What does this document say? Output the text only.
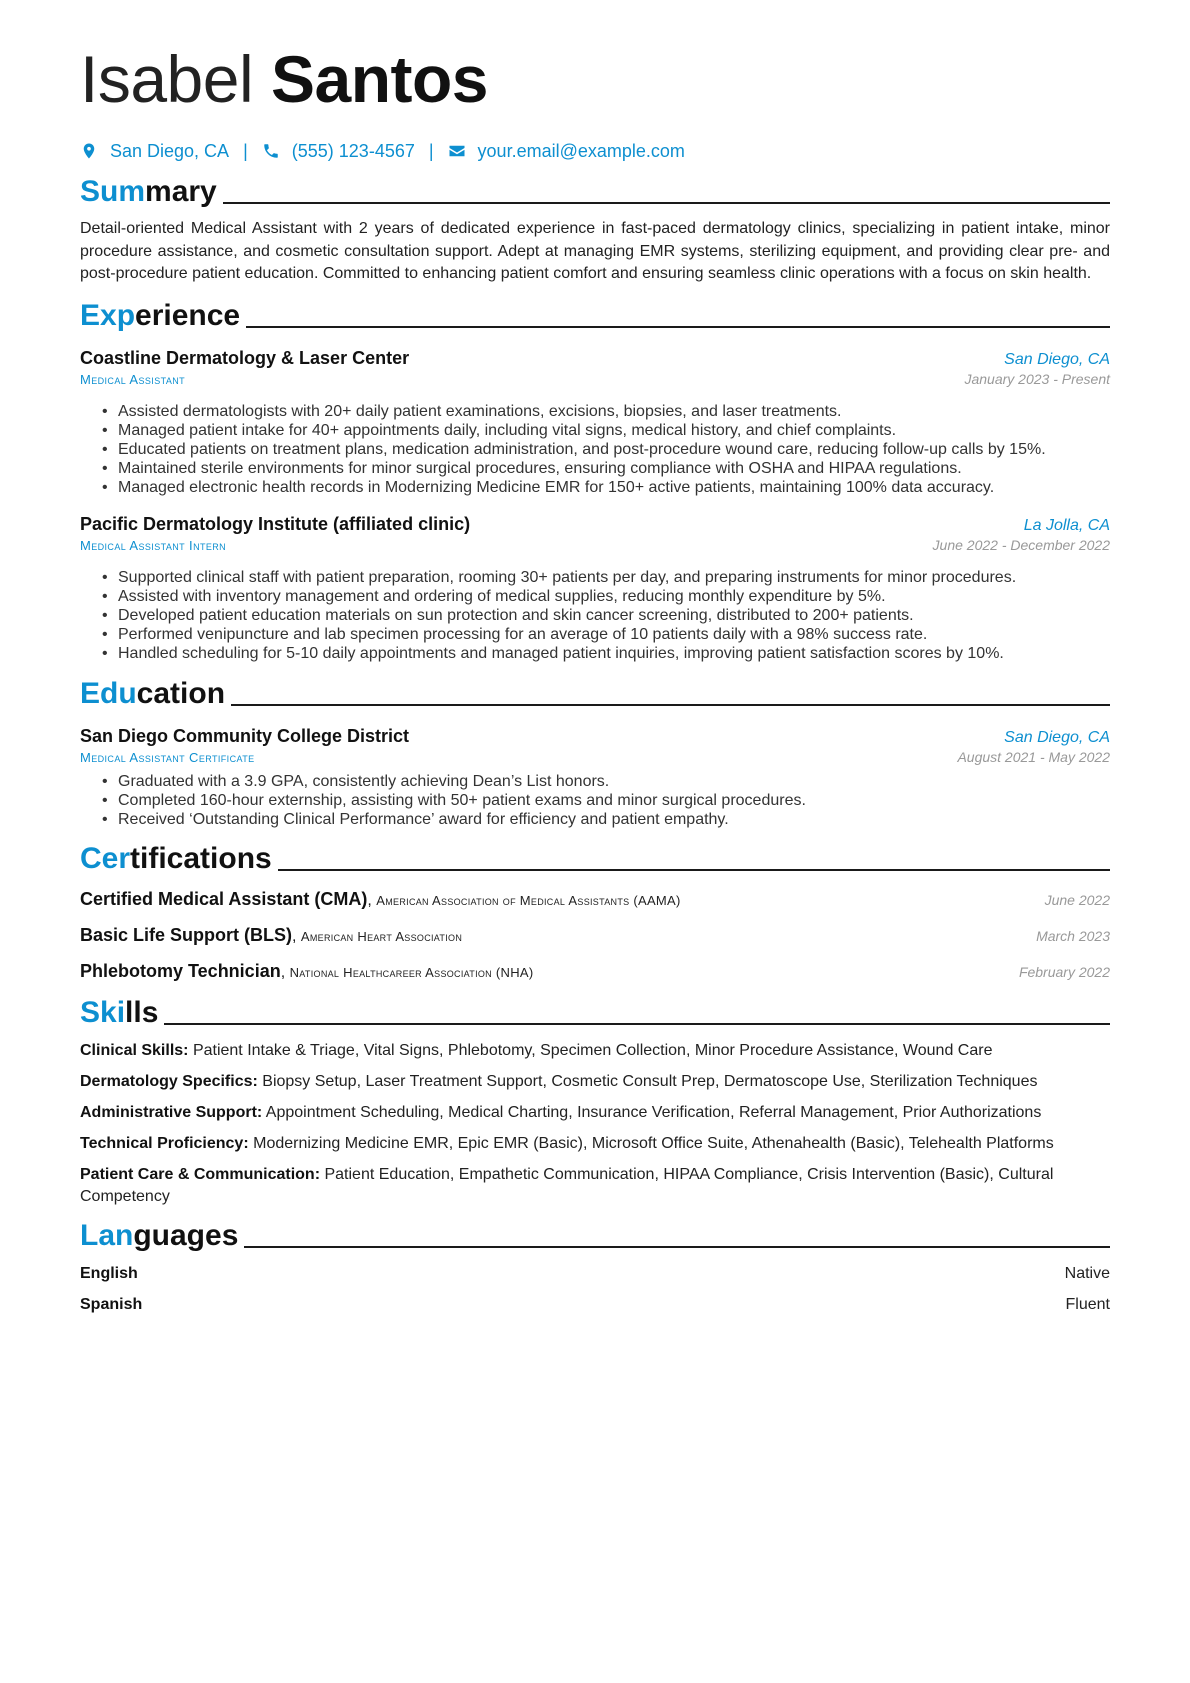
Isabel Santos
San Diego, CA | (555) 123-4567 | your.email@example.com
Summary
Detail-oriented Medical Assistant with 2 years of dedicated experience in fast-paced dermatology clinics, specializing in patient intake, minor procedure assistance, and cosmetic consultation support. Adept at managing EMR systems, sterilizing equipment, and providing clear pre- and post-procedure patient education. Committed to enhancing patient comfort and ensuring seamless clinic operations with a focus on skin health.
Experience
Coastline Dermatology & Laser Center	San Diego, CA
Medical Assistant	January 2023 - Present
• Assisted dermatologists with 20+ daily patient examinations, excisions, biopsies, and laser treatments.
• Managed patient intake for 40+ appointments daily, including vital signs, medical history, and chief complaints.
• Educated patients on treatment plans, medication administration, and post-procedure wound care, reducing follow-up calls by 15%.
• Maintained sterile environments for minor surgical procedures, ensuring compliance with OSHA and HIPAA regulations.
• Managed electronic health records in Modernizing Medicine EMR for 150+ active patients, maintaining 100% data accuracy.
Pacific Dermatology Institute (affiliated clinic)	La Jolla, CA
Medical Assistant Intern	June 2022 - December 2022
• Supported clinical staff with patient preparation, rooming 30+ patients per day, and preparing instruments for minor procedures.
• Assisted with inventory management and ordering of medical supplies, reducing monthly expenditure by 5%.
• Developed patient education materials on sun protection and skin cancer screening, distributed to 200+ patients.
• Performed venipuncture and lab specimen processing for an average of 10 patients daily with a 98% success rate.
• Handled scheduling for 5-10 daily appointments and managed patient inquiries, improving patient satisfaction scores by 10%.
Education
San Diego Community College District	San Diego, CA
Medical Assistant Certificate	August 2021 - May 2022
• Graduated with a 3.9 GPA, consistently achieving Dean’s List honors.
• Completed 160-hour externship, assisting with 50+ patient exams and minor surgical procedures.
• Received ‘Outstanding Clinical Performance’ award for efficiency and patient empathy.
Certifications
Certified Medical Assistant (CMA), American Association of Medical Assistants (AAMA)	June 2022
Basic Life Support (BLS), American Heart Association	March 2023
Phlebotomy Technician, National Healthcareer Association (NHA)	February 2022
Skills
Clinical Skills: Patient Intake & Triage, Vital Signs, Phlebotomy, Specimen Collection, Minor Procedure Assistance, Wound Care
Dermatology Specifics: Biopsy Setup, Laser Treatment Support, Cosmetic Consult Prep, Dermatoscope Use, Sterilization Techniques
Administrative Support: Appointment Scheduling, Medical Charting, Insurance Verification, Referral Management, Prior Authorizations
Technical Proficiency: Modernizing Medicine EMR, Epic EMR (Basic), Microsoft Office Suite, Athenahealth (Basic), Telehealth Platforms
Patient Care & Communication: Patient Education, Empathetic Communication, HIPAA Compliance, Crisis Intervention (Basic), Cultural Competency
Languages
English	Native
Spanish	Fluent
